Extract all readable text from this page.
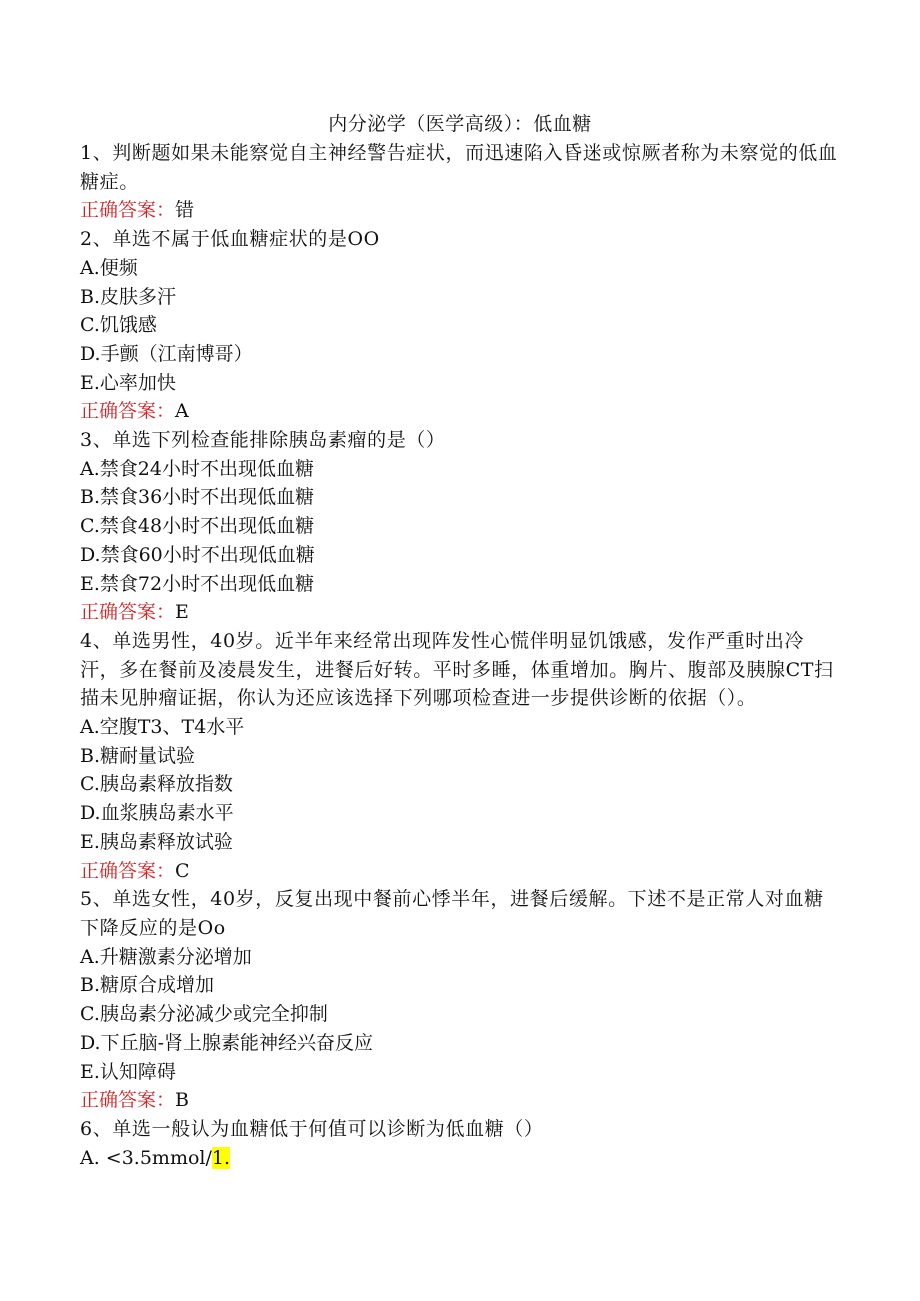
内分泌学（医学高级）：低血糖
1、判断题如果未能察觉自主神经警告症状，而迅速陷入昏迷或惊厥者称为未察觉的低血糖症。
正确答案：错
2、单选不属于低血糖症状的是OO
A.便频
B.皮肤多汗
C.饥饿感
D.手颤（江南博哥）
E.心率加快
正确答案：A
3、单选下列检查能排除胰岛素瘤的是（）
A.禁食24小时不出现低血糖
B.禁食36小时不出现低血糖
C.禁食48小时不出现低血糖
D.禁食60小时不出现低血糖
E.禁食72小时不出现低血糖
正确答案：E
4、单选男性，40岁。近半年来经常出现阵发性心慌伴明显饥饿感，发作严重时出冷汗，多在餐前及凌晨发生，进餐后好转。平时多睡，体重增加。胸片、腹部及胰腺CT扫描未见肿瘤证据，你认为还应该选择下列哪项检查进一步提供诊断的依据（）。
A.空腹T3、T4水平
B.糖耐量试验
C.胰岛素释放指数
D.血浆胰岛素水平
E.胰岛素释放试验
正确答案：C
5、单选女性，40岁，反复出现中餐前心悸半年，进餐后缓解。下述不是正常人对血糖下降反应的是Oo
A.升糖激素分泌增加
B.糖原合成增加
C.胰岛素分泌减少或完全抑制
D.下丘脑-肾上腺素能神经兴奋反应
E.认知障碍
正确答案：B
6、单选一般认为血糖低于何值可以诊断为低血糖（）
A. <3.5mmol/1.
